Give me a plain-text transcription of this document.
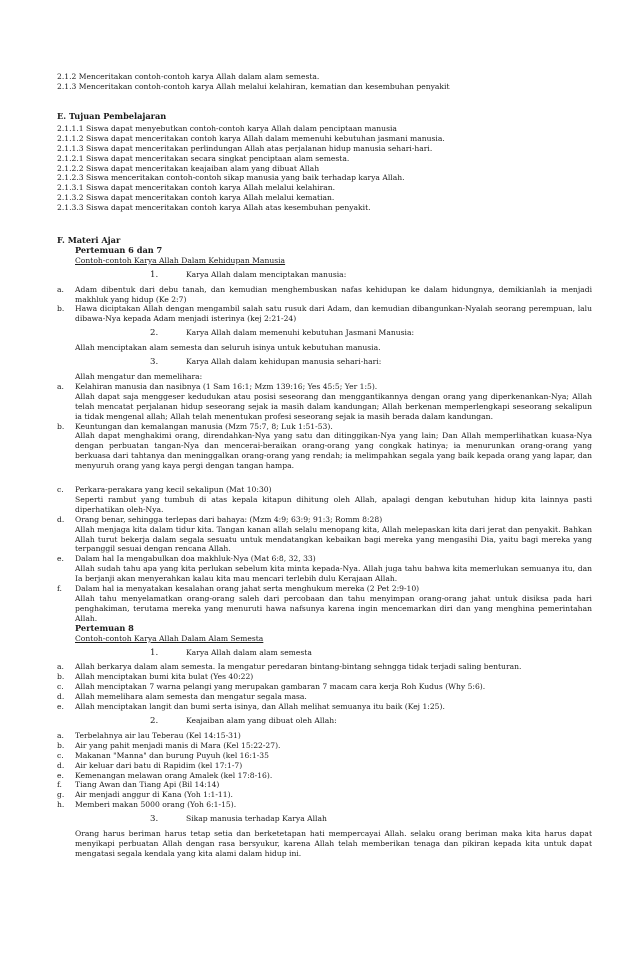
2.1.2 Menceritakan contoh-contoh karya Allah dalam alam semesta.
2.1.3 Menceritakan contoh-contoh karya Allah melalui kelahiran, kematian dan kesembuhan penyakit
E. Tujuan Pembelajaran
2.1.1.1 Siswa dapat menyebutkan contoh-contoh karya Allah dalam penciptaan manusia
2.1.1.2 Siswa dapat menceritakan contoh karya Allah dalam memenuhi kebutuhan jasmani manusia.
2.1.1.3 Siswa dapat menceritakan perlindungan Allah atas perjalanan hidup manusia sehari-hari.
2.1.2.1 Siswa dapat menceritakan secara singkat penciptaan alam semesta.
2.1.2.2 Siswa dapat menceritakan keajaiban alam yang dibuat Allah
2.1.2.3 Siswa menceritakan contoh-contoh sikap manusia yang baik terhadap karya Allah.
2.1.3.1 Siswa dapat menceritakan contoh karya Allah melalui kelahiran.
2.1.3.2 Siswa dapat menceritakan contoh karya Allah melalui kematian.
2.1.3.3 Siswa dapat menceritakan contoh karya Allah atas kesembuhan penyakit.
F. Materi Ajar
Pertemuan 6 dan 7
Contoh-contoh Karya Allah Dalam Kehidupan Manusia
1.	Karya Allah dalam menciptakan manusia:
a. Adam dibentuk dari debu tanah, dan kemudian menghembuskan nafas kehidupan ke dalam hidungnya, demikianlah ia menjadi makhluk yang hidup (Ke 2:7)
b. Hawa diciptakan Allah dengan mengambil salah satu rusuk dari Adam, dan kemudian dibangunkan-Nyalah seorang perempuan, lalu dibawa-Nya kepada Adam menjadi isterinya (kej 2:21-24)
2.	Karya Allah dalam memenuhi kebutuhan Jasmani Manusia:
Allah menciptakan alam semesta dan seluruh isinya untuk kebutuhan manusia.
3.	Karya Allah dalam kehidupan manusia sehari-hari:
Allah mengatur dan memelihara:
a. Kelahiran manusia dan nasibnya (1 Sam 16:1; Mzm 139:16; Yes 45:5; Yer 1:5).
Allah dapat saja menggeser kedudukan atau posisi seseorang dan menggantikannya dengan orang yang diperkenankan-Nya; Allah telah mencatat perjalanan hidup seseorang sejak ia masih dalam kandungan; Allah berkenan memperlengkapi seseorang sekalipun ia tidak mengenal allah; Allah telah menentukan profesi seseorang sejak ia masih berada dalam kandungan.
b. Keuntungan dan kemalangan manusia (Mzm 75:7, 8; Luk 1:51-53).
Allah dapat menghakimi orang, direndahkan-Nya yang satu dan ditinggikan-Nya yang lain; Dan Allah memperlihatkan kuasa-Nya dengan perbuatan tangan-Nya dan mencerai-beraikan orang-orang yang congkak hatinya; ia menurunkan orang-orang yang berkuasa dari tahtanya dan meninggalkan orang-orang yang rendah; ia melimpahkan segala yang baik kepada orang yang lapar, dan menyuruh orang yang kaya pergi dengan tangan hampa.
c. Perkara-perakara yang kecil sekalipun (Mat 10:30)
Seperti rambut yang tumbuh di atas kepala kitapun dihitung oleh Allah, apalagi dengan kebutuhan hidup kita lainnya pasti diperhatikan oleh-Nya.
d. Orang benar, sehingga terlepas dari bahaya: (Mzm 4:9; 63:9; 91:3; Romm 8:28)
Allah menjaga kita dalam tidur kita. Tangan kanan allah selalu menopang kita, Allah melepaskan kita dari jerat dan penyakit. Bahkan Allah turut bekerja dalam segala sesuatu untuk mendatangkan kebaikan bagi mereka yang mengasihi Dia, yaitu bagi mereka yang terpanggil sesuai dengan rencana Allah.
e. Dalam hal Ia mengabulkan doa makhluk-Nya (Mat 6:8, 32, 33)
Allah sudah tahu apa yang kita perlukan sebelum kita minta kepada-Nya. Allah juga tahu bahwa kita memerlukan semuanya itu, dan Ia berjanji akan menyerahkan kalau kita mau mencari terlebih dulu Kerajaan Allah.
f. Dalam hal ia menyatakan kesalahan orang jahat serta menghukum mereka (2 Pet 2:9-10)
Allah tahu menyelamatkan orang-orang saleh dari percobaan dan tahu menyimpan orang-orang jahat untuk disiksa pada hari penghakiman, terutama mereka yang menuruti hawa nafsunya karena ingin mencemarkan diri dan yang menghina pemerintahan Allah.
Pertemuan 8
Contoh-contoh Karya Allah Dalam Alam Semesta
1.	Karya Allah dalam alam semesta
a. Allah berkarya dalam alam semesta. Ia mengatur peredaran bintang-bintang sehngga tidak terjadi saling benturan.
b. Allah menciptakan bumi kita bulat (Yes 40:22)
c. Allah menciptakan 7 warna pelangi yang merupakan gambaran 7 macam cara kerja Roh Kudus (Why 5:6).
d. Allah memelihara alam semesta dan mengatur segala masa.
e. Allah menciptakan langit dan bumi serta isinya, dan Allah melihat semuanya itu baik (Kej 1:25).
2.	Keajaiban alam yang dibuat oleh Allah:
a. Terbelahnya air lau Teberau (Kel 14:15-31)
b. Air yang pahit menjadi manis di Mara (Kel 15:22-27).
c. Makanan "Manna" dan burung Puyuh (kel 16:1-35
d. Air keluar dari batu di Rapidim (kel 17:1-7)
e. Kemenangan melawan orang Amalek (kel 17:8-16).
f. Tiang Awan dan Tiang Api (Bil 14:14)
g. Air menjadi anggur di Kana (Yoh 1:1-11).
h. Memberi makan 5000 orang (Yoh 6:1-15).
3.	Sikap manusia terhadap Karya Allah
Orang harus beriman harus tetap setia dan berketetapan hati mempercayai Allah. selaku orang beriman maka kita harus dapat menyikapi perbuatan Allah dengan rasa bersyukur, karena Allah telah memberikan tenaga dan pikiran kepada kita untuk dapat mengatasi segala kendala yang kita alami dalam hidup ini.
